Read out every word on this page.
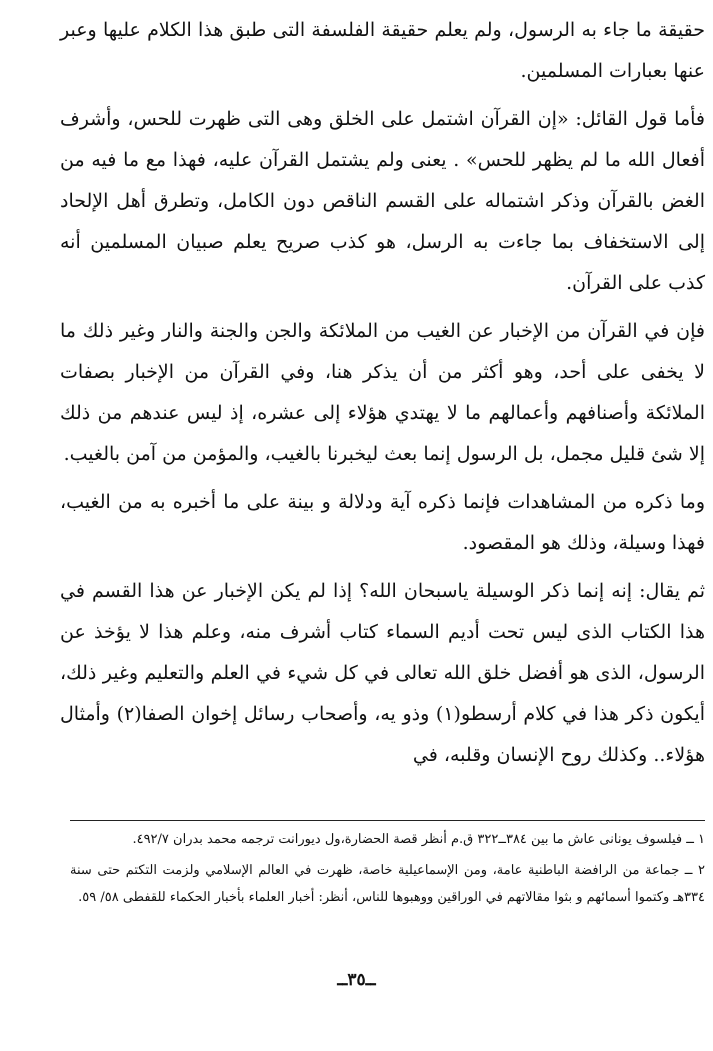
حقيقة ما جاء به الرسول، ولم يعلم حقيقة الفلسفة التى طبق هذا الكلام عليها وعبر عنها بعبارات المسلمين.

فأما قول القائل: «إن القرآن اشتمل على الخلق وهى التى ظهرت للحس، وأشرف أفعال الله ما لم يظهر للحس» . يعنى ولم يشتمل القرآن عليه، فهذا مع ما فيه من الغض بالقرآن وذكر اشتماله على القسم الناقص دون الكامل، وتطرق أهل الإلحاد إلى الاستخفاف بما جاءت به الرسل، هو كذب صريح يعلم صبيان المسلمين أنه كذب على القرآن.

فإن في القرآن من الإخبار عن الغيب من الملائكة والجن والجنة والنار وغير ذلك ما لا يخفى على أحد، وهو أكثر من أن يذكر هنا، وفي القرآن من الإخبار بصفات الملائكة وأصنافهم وأعمالهم ما لا يهتدي هؤلاء إلى عشره، إذ ليس عندهم من ذلك إلا شئ قليل مجمل، بل الرسول إنما بعث ليخبرنا بالغيب، والمؤمن من آمن بالغيب.

وما ذكره من المشاهدات فإنما ذكره آية ودلالة و بينة على ما أخبره به من الغيب، فهذا وسيلة، وذلك هو المقصود.

ثم يقال: إنه إنما ذكر الوسيلة ياسبحان الله؟ إذا لم يكن الإخبار عن هذا القسم في هذا الكتاب الذى ليس تحت أديم السماء كتاب أشرف منه، وعلم هذا لا يؤخذ عن الرسول، الذى هو أفضل خلق الله تعالى في كل شيء في العلم والتعليم وغير ذلك، أيكون ذكر هذا في كلام أرسطو(١) وذو يه، وأصحاب رسائل إخوان الصفا(٢) وأمثال هؤلاء.. وكذلك روح الإنسان وقلبه، في

١ ــ فيلسوف يونانى عاش ما بين ٣٨٤ــ٣٢٢ ق.م أنظر قصة الحضارة،ول ديورانت ترجمه محمد بدران ٤٩٢/٧.

٢ ــ جماعة من الرافضة الباطنية عامة، ومن الإسماعيلية خاصة، ظهرت في العالم الإسلامي ولزمت التكتم حتى سنة ٣٣٤هـ وكتموا أسمائهم و بثوا مقالاتهم في الوراقين ووهبوها للناس، أنظر: أخبار العلماء بأخبار الحكماء للقفطى ٥٨/ ٥٩.

ــ٣٥ــ
